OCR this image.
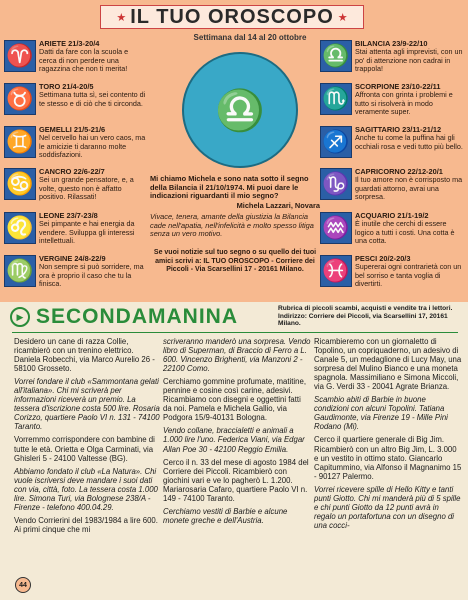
★ IL TUO OROSCOPO ★
Settimana dal 14 al 20 ottobre
♈ ARIETE 21/3-20/4
Datti da fare con la scuola e cerca di non perdere una ragazzina che non ti merita!
♉ TORO 21/4-20/5
Settimana tutta sì, sei contento di te stesso e di ciò che ti circonda.
♊ GEMELLI 21/5-21/6
Nel cervello hai un vero caos, ma le amicizie ti daranno molte soddisfazioni.
♋ CANCRO 22/6-22/7
Sei un grande pensatore, e, a volte, questo non è affatto positivo. Rilassati!
♌ LEONE 23/7-23/8
Sei pimpante e hai energia da vendere. Sviluppa gli interessi intellettuali.
♍ VERGINE 24/8-22/9
Non sempre si può sorridere, ma ora è proprio il caso che tu la finisca.
♎ BILANCIA 23/9-22/10
Stai attenta agli imprevisti, con un po' di attenzione non cadrai in trappola!
♏ SCORPIONE 23/10-22/11
Affronta con grinta i problemi e tutto si risolverà in modo veramente super.
♐ SAGITTARIO 23/11-21/12
Anche tu come la puffina hai gli occhiali rosa e vedi tutto più bello.
♑ CAPRICORNO 22/12-20/1
Il tuo amore non è corrisposto ma guardati attorno, avrai una sorpresa.
♒ ACQUARIO 21/1-19/2
È inutile che cerchi di essere logico a tutti i costi. Una cotta è una cotta.
♓ PESCI 20/2-20/3
Supererai ogni contrarietà con un bel sorriso e tanta voglia di divertirti.
♎
Mi chiamo Michela e sono nata sotto il segno della Bilancia il 21/10/1974. Mi puoi dare le indicazioni riguardanti il mio segno?
Michela Lazzari, Novara
Vivace, tenera, amante della giustizia la Bilancia cade nell'apatia, nell'infelicità e molto spesso litiga senza un vero motivo.
Se vuoi notizie sul tuo segno o su quello dei tuoi amici scrivi a: IL TUO OROSCOPO - Corriere dei Piccoli - Via Scarsellini 17 - 20161 Milano.
▶ SECONDAMANINA	Rubrica di piccoli scambi, acquisti e vendite tra i lettori. Indirizzo: Corriere dei Piccoli, via Scarsellini 17, 20161 Milano.

Desidero un cane di razza Collie, ricambierò con un trenino elettrico. Daniela Robecchi, via Marco Aurelio 26 - 58100 Grosseto.

Vorrei fondare il club «Sammontana gelati all'italiana». Chi mi scriverà per informazioni riceverà un premio. La tessera d'iscrizione costa 500 lire. Rosaria Corizzo, quartiere Paolo VI n. 131 - 74100 Taranto.

Vorremmo corrispondere con bambine di tutte le età. Orietta e Olga Carminati, via Ghisleri 5 - 24100 Valtesse (BG).

Abbiamo fondato il club «La Natura». Chi vuole iscriversi deve mandare i suoi dati con via, città, foto. La tessera costa 1.000 lire. Simona Turi, via Bolognese 238/A - Firenze - telefono 400.04.29.

Vendo Corrierini del 1983/1984 a lire 600. Ai primi cinque che mi

scriveranno manderò una sorpresa. Vendo libro di Superman, di Braccio di Ferro a L. 600. Vincenzo Brighenti, via Manzoni 2 - 22100 Como.

Cerchiamo gommine profumate, matitine, pennine e cosine così carine, adesivi. Ricambiamo con disegni e oggettini fatti da noi. Pamela e Michela Gallio, via Podgora 15/9-40131 Bologna.

Vendo collane, braccialetti e animali a 1.000 lire l'uno. Federica Viani, via Edgar Allan Poe 30 - 42100 Reggio Emilia.

Cerco il n. 33 del mese di agosto 1984 del Corriere dei Piccoli. Ricambierò con giochini vari e ve lo pagherò L. 1.200. Mariarosaria Cafaro, quartiere Paolo VI n. 149 - 74100 Taranto.

Cerchiamo vestiti di Barbie e alcune monete greche e dell'Austria.

Ricambieremo con un giornaletto di Topolino, un copriquaderno, un adesivo di Canale 5, un medaglione di Lucy May, una sorpresa del Mulino Bianco e una moneta spagnola. Massimiliano e Simona Miccoli, via G. Verdi 33 - 20041 Agrate Brianza.

Scambio abiti di Barbie in buone condizioni con alcuni Topolini. Tatiana Gaudimonte, via Firenze 19 - Mille Pini Rodano (Mi).

Cerco il quartiere generale di Big Jim. Ricambierò con un altro Big Jim, L. 3.000 e un vestito in ottimo stato. Giancarlo Capitummino, via Alfonso il Magnanimo 15 - 90127 Palermo.

Vorrei ricevere spille di Hello Kitty e tanti punti Giotto. Chi mi manderà più di 5 spille e chi punti Giotto da 12 punti avrà in regalo un portafortuna con un disegno di una cocci-

44
